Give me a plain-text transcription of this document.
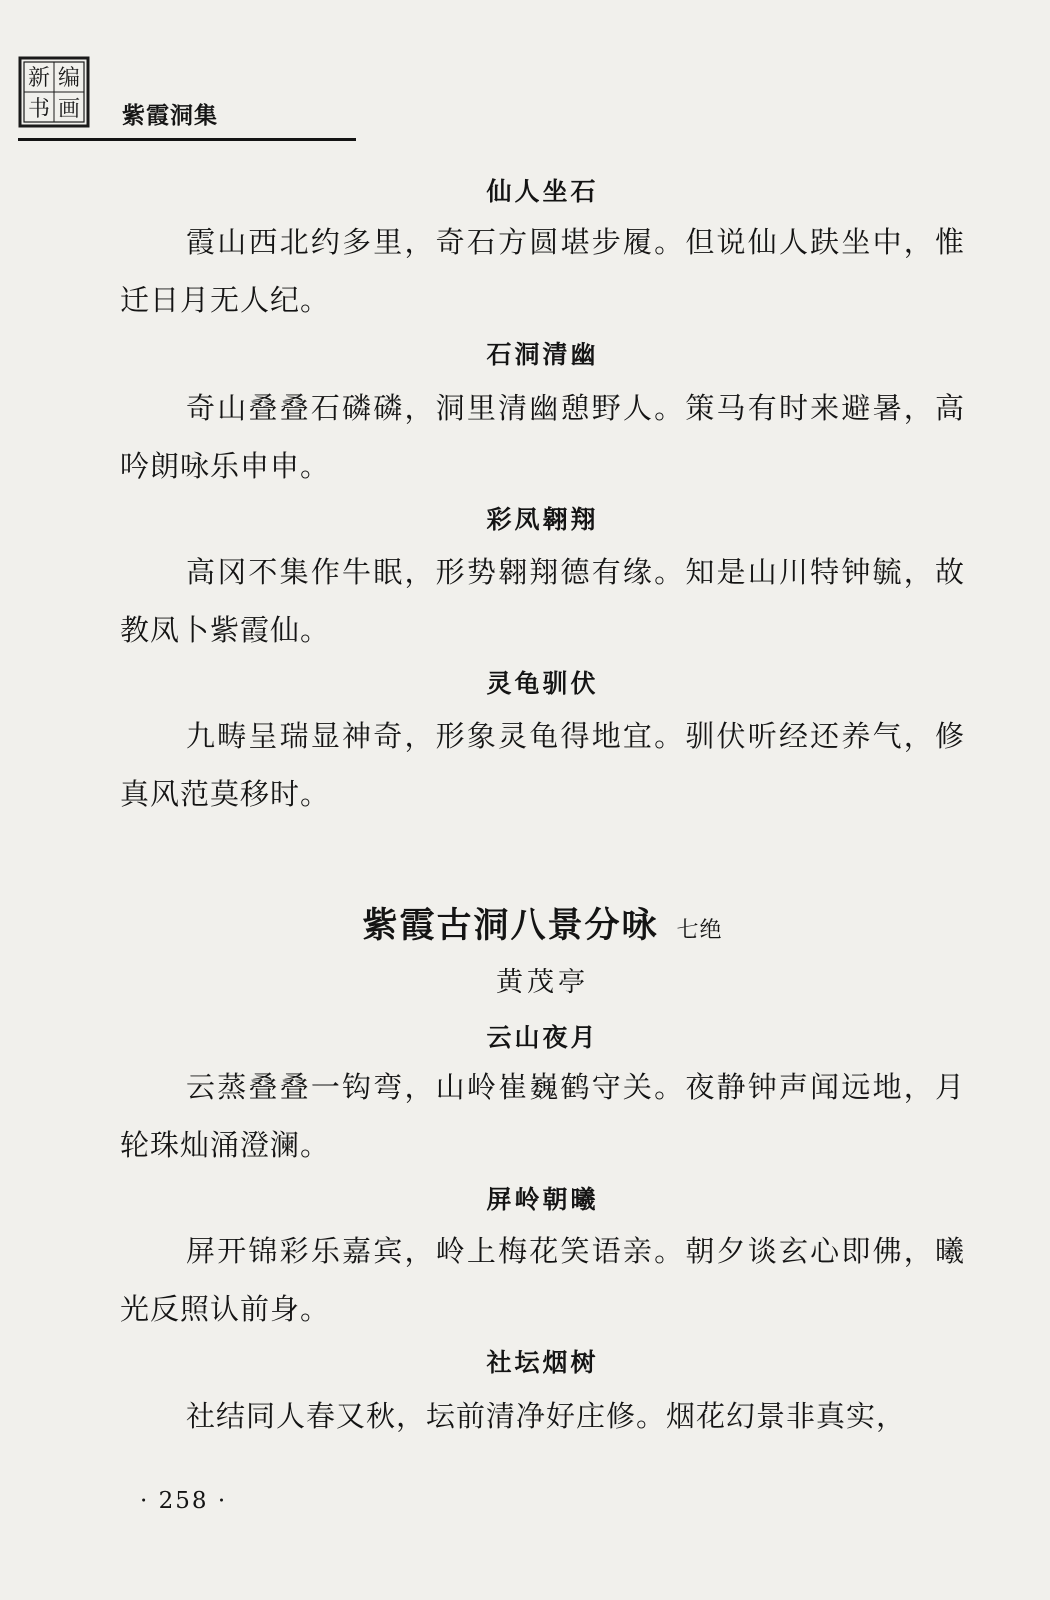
新 编
书 画 紫霞洞集
仙人坐石
霞山西北约多里，奇石方圆堪步履。但说仙人趺坐中，惟迁日月无人纪。
石洞清幽
奇山叠叠石磷磷，洞里清幽憩野人。策马有时来避暑，高吟朗咏乐申申。
彩凤翱翔
高冈不集作牛眠，形势翱翔德有缘。知是山川特钟毓，故教凤卜紫霞仙。
灵龟驯伏
九畴呈瑞显神奇，形象灵龟得地宜。驯伏听经还养气，修真风范莫移时。
紫霞古洞八景分咏 七绝
黄茂亭
云山夜月
云蒸叠叠一钩弯，山岭崔巍鹤守关。夜静钟声闻远地，月轮珠灿涌澄澜。
屏岭朝曦
屏开锦彩乐嘉宾，岭上梅花笑语亲。朝夕谈玄心即佛，曦光反照认前身。
社坛烟树
社结同人春又秋，坛前清净好庄修。烟花幻景非真实，
· 258 ·
